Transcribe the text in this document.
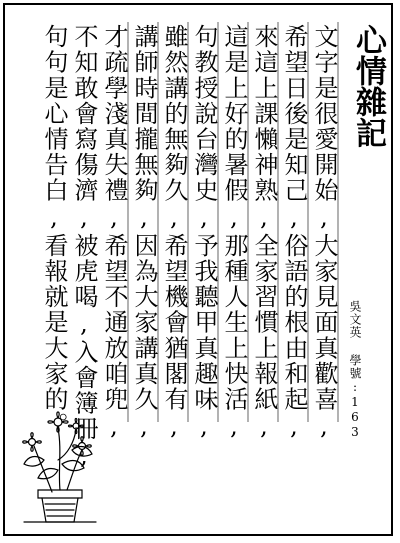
心情雜記
吳文英 學號:163
文字是很愛開始,大家見面真歡喜,
希望日後是知己,俗語的根由和起,
來這上課懶神熟,全家習慣上報紙,
這是上好的暑假,那種人生上快活,
句教授說台灣史,予我聽甲真趣味,
雖然講的無夠久,希望機會猶閣有,
講師時間攏無夠,因為大家講真久,
才疏學淺真失禮,希望不通放咱兜,
不知敢會寫傷濟,被虎喝,入會簿冊,
句句是心情告白,看報就是大家的。
